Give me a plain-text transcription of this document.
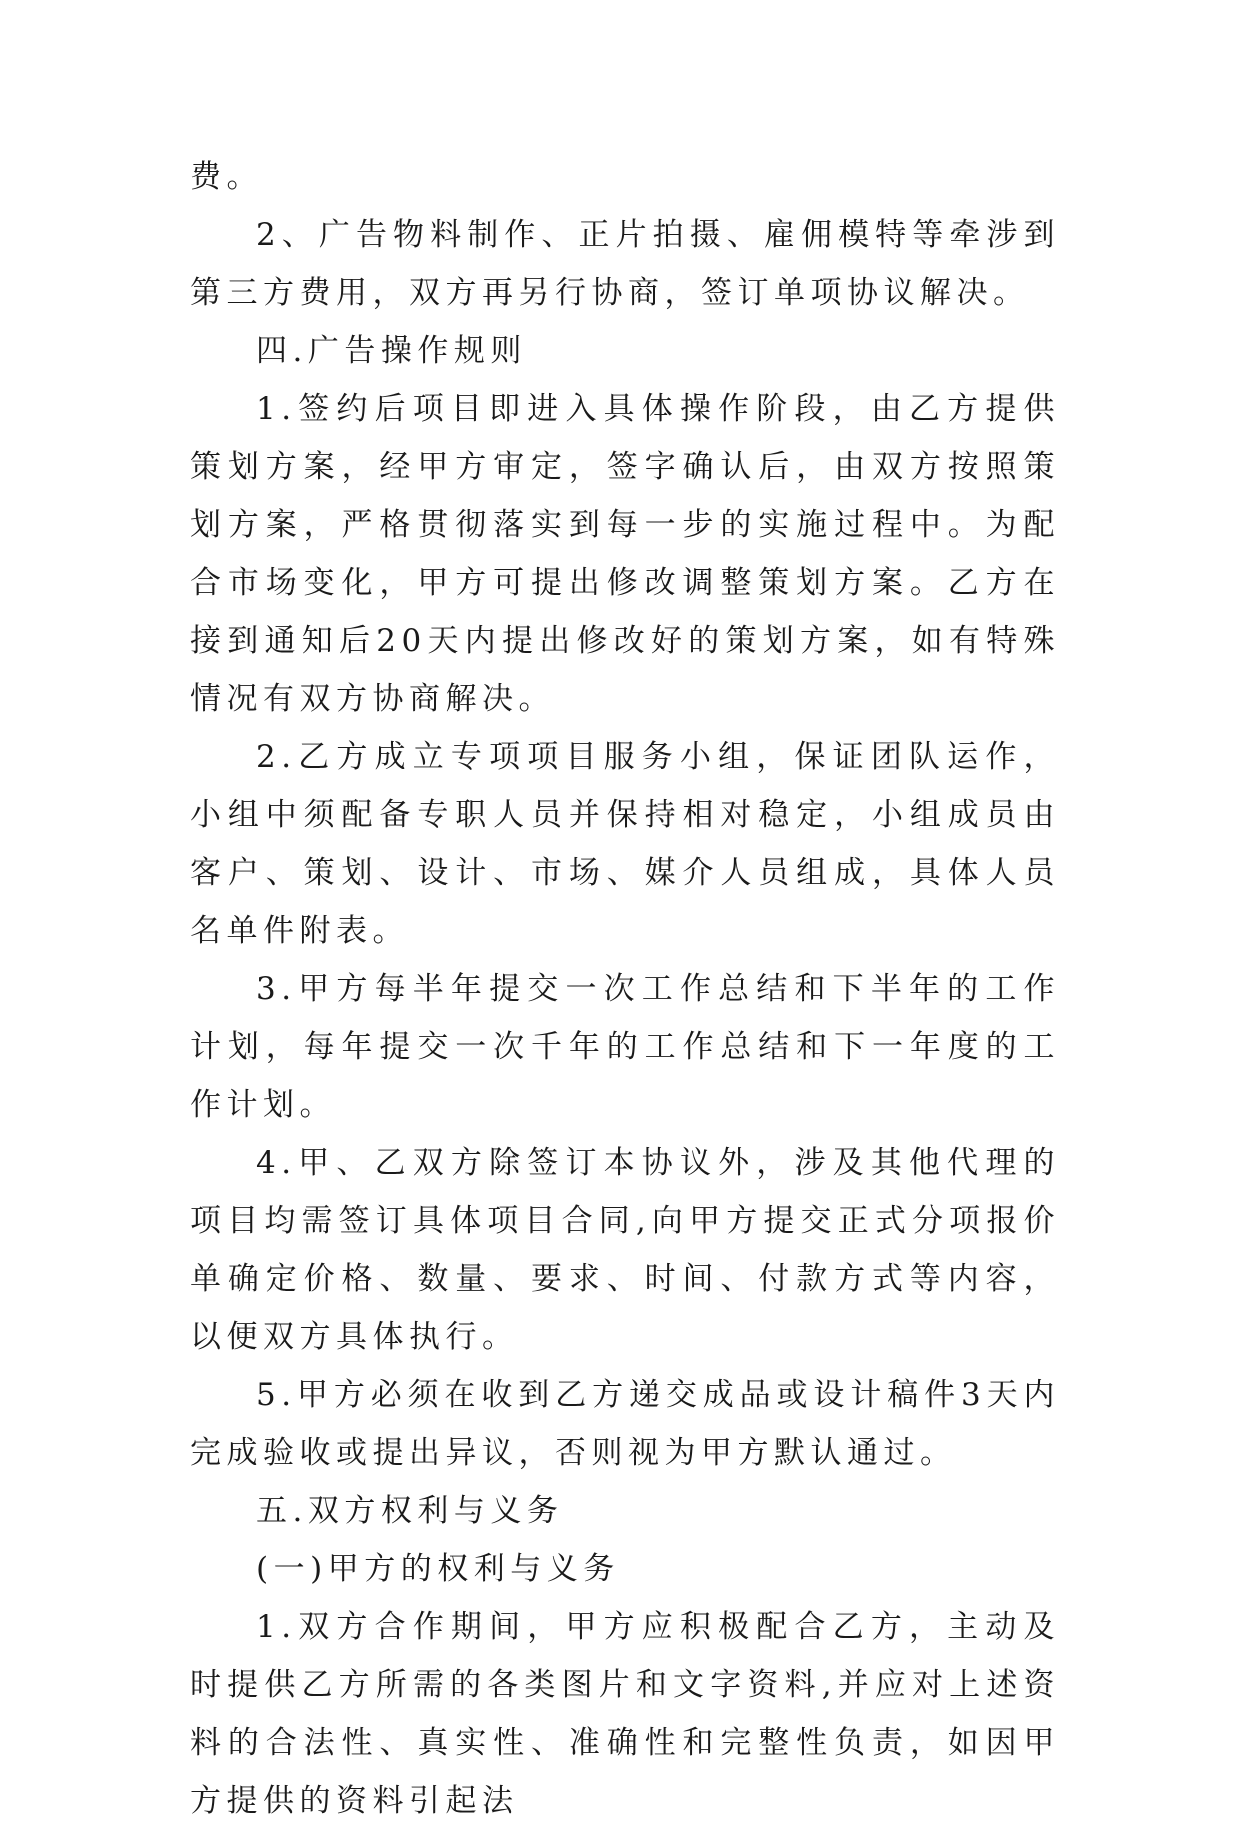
费。

2、广告物料制作、正片拍摄、雇佣模特等牵涉到第三方费用，双方再另行协商，签订单项协议解决。

四.广告操作规则

1.签约后项目即进入具体操作阶段，由乙方提供策划方案，经甲方审定，签字确认后，由双方按照策划方案，严格贯彻落实到每一步的实施过程中。为配合市场变化，甲方可提出修改调整策划方案。乙方在接到通知后20天内提出修改好的策划方案，如有特殊情况有双方协商解决。

2.乙方成立专项项目服务小组，保证团队运作，小组中须配备专职人员并保持相对稳定，小组成员由客户、策划、设计、市场、媒介人员组成，具体人员名单件附表。

3.甲方每半年提交一次工作总结和下半年的工作计划，每年提交一次千年的工作总结和下一年度的工作计划。

4.甲、乙双方除签订本协议外，涉及其他代理的项目均需签订具体项目合同,向甲方提交正式分项报价单确定价格、数量、要求、时间、付款方式等内容，以便双方具体执行。

5.甲方必须在收到乙方递交成品或设计稿件3天内完成验收或提出异议，否则视为甲方默认通过。

五.双方权利与义务

(一)甲方的权利与义务

1.双方合作期间，甲方应积极配合乙方，主动及时提供乙方所需的各类图片和文字资料,并应对上述资料的合法性、真实性、准确性和完整性负责，如因甲方提供的资料引起法
